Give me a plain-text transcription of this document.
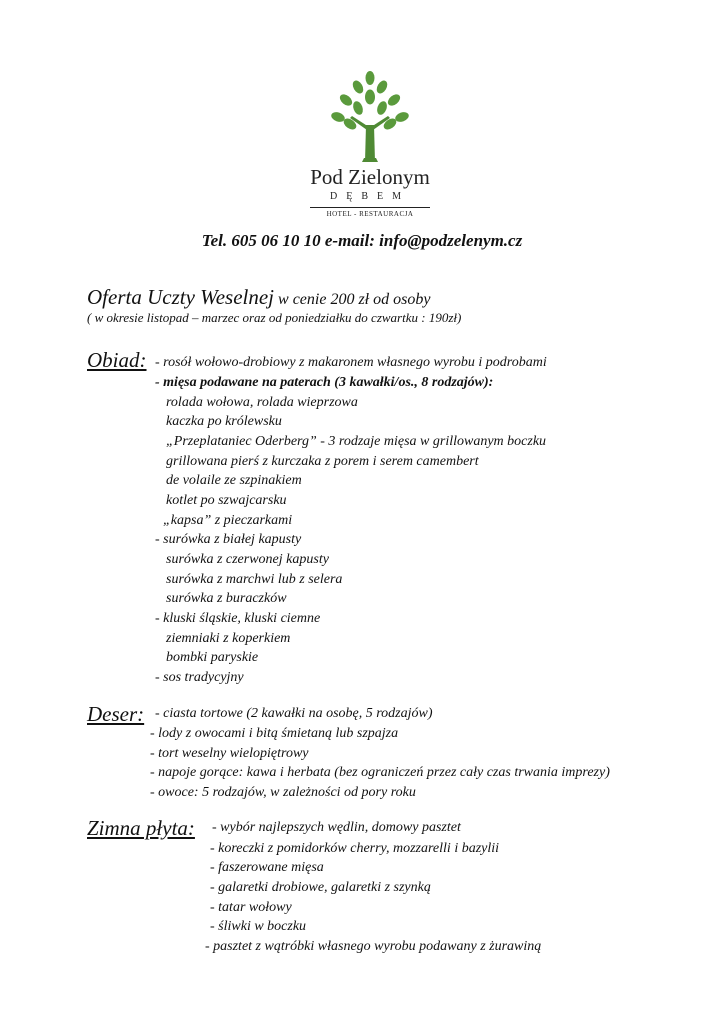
Pod Zielonym
DĘBEM
HOTEL - RESTAURACJA
Tel. 605 06 10 10 e-mail: info@podzelenym.cz
Oferta Uczty Weselnej w cenie 200 zł od osoby
( w okresie listopad – marzec oraz od poniedziałku do czwartku : 190zł)
Obiad: - rosół wołowo-drobiowy z makaronem własnego wyrobu i podrobami
- mięsa podawane na paterach (3 kawałki/os., 8 rodzajów):
rolada wołowa, rolada wieprzowa
kaczka po królewsku
„Przeplataniec Oderberg” - 3 rodzaje mięsa w grillowanym boczku
grillowana pierś z kurczaka z porem i serem camembert
de volaile ze szpinakiem
kotlet po szwajcarsku
„kapsa” z pieczarkami
- surówka z białej kapusty
surówka z czerwonej kapusty
surówka z marchwi lub z selera
surówka z buraczków
- kluski śląskie, kluski ciemne
ziemniaki z koperkiem
bombki paryskie
- sos tradycyjny
Deser: - ciasta tortowe (2 kawałki na osobę, 5 rodzajów)
- lody z owocami i bitą śmietaną lub szpajza
- tort weselny wielopiętrowy
- napoje gorące: kawa i herbata (bez ograniczeń przez cały czas trwania imprezy)
- owoce: 5 rodzajów, w zależności od pory roku
Zimna płyta: - wybór najlepszych wędlin, domowy pasztet
- koreczki z pomidorków cherry, mozzarelli i bazylii
- faszerowane mięsa
- galaretki drobiowe, galaretki z szynką
- tatar wołowy
- śliwki w boczku
- pasztet z wątróbki własnego wyrobu podawany z żurawiną
